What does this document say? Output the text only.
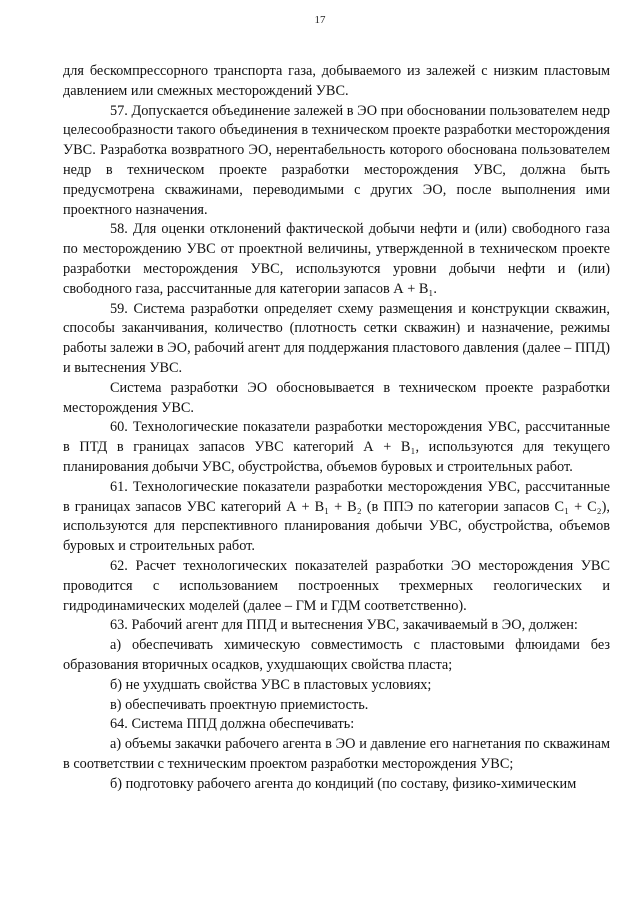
17

для бескомпрессорного транспорта газа, добываемого из залежей с низким пластовым давлением или смежных месторождений УВС.

57. Допускается объединение залежей в ЭО при обосновании пользователем недр целесообразности такого объединения в техническом проекте разработки месторождения УВС. Разработка возвратного ЭО, нерентабельность которого обоснована пользователем недр в техническом проекте разработки месторождения УВС, должна быть предусмотрена скважинами, переводимыми с других ЭО, после выполнения ими проектного назначения.

58. Для оценки отклонений фактической добычи нефти и (или) свободного газа по месторождению УВС от проектной величины, утвержденной в техническом проекте разработки месторождения УВС, используются уровни добычи нефти и (или) свободного газа, рассчитанные для категории запасов А + В₁.

59. Система разработки определяет схему размещения и конструкции скважин, способы заканчивания, количество (плотность сетки скважин) и назначение, режимы работы залежи в ЭО, рабочий агент для поддержания пластового давления (далее – ППД) и вытеснения УВС.

Система разработки ЭО обосновывается в техническом проекте разработки месторождения УВС.

60. Технологические показатели разработки месторождения УВС, рассчитанные в ПТД в границах запасов УВС категорий А + В₁, используются для текущего планирования добычи УВС, обустройства, объемов буровых и строительных работ.

61. Технологические показатели разработки месторождения УВС, рассчитанные в границах запасов УВС категорий А + В₁ + В₂ (в ППЭ по категории запасов С₁ + С₂), используются для перспективного планирования добычи УВС, обустройства, объемов буровых и строительных работ.

62. Расчет технологических показателей разработки ЭО месторождения УВС проводится с использованием построенных трехмерных геологических и гидродинамических моделей (далее – ГМ и ГДМ соответственно).

63. Рабочий агент для ППД и вытеснения УВС, закачиваемый в ЭО, должен:

а) обеспечивать химическую совместимость с пластовыми флюидами без образования вторичных осадков, ухудшающих свойства пласта;

б) не ухудшать свойства УВС в пластовых условиях;

в) обеспечивать проектную приемистость.

64. Система ППД должна обеспечивать:

а) объемы закачки рабочего агента в ЭО и давление его нагнетания по скважинам в соответствии с техническим проектом разработки месторождения УВС;

б) подготовку рабочего агента до кондиций (по составу, физико-химическим
